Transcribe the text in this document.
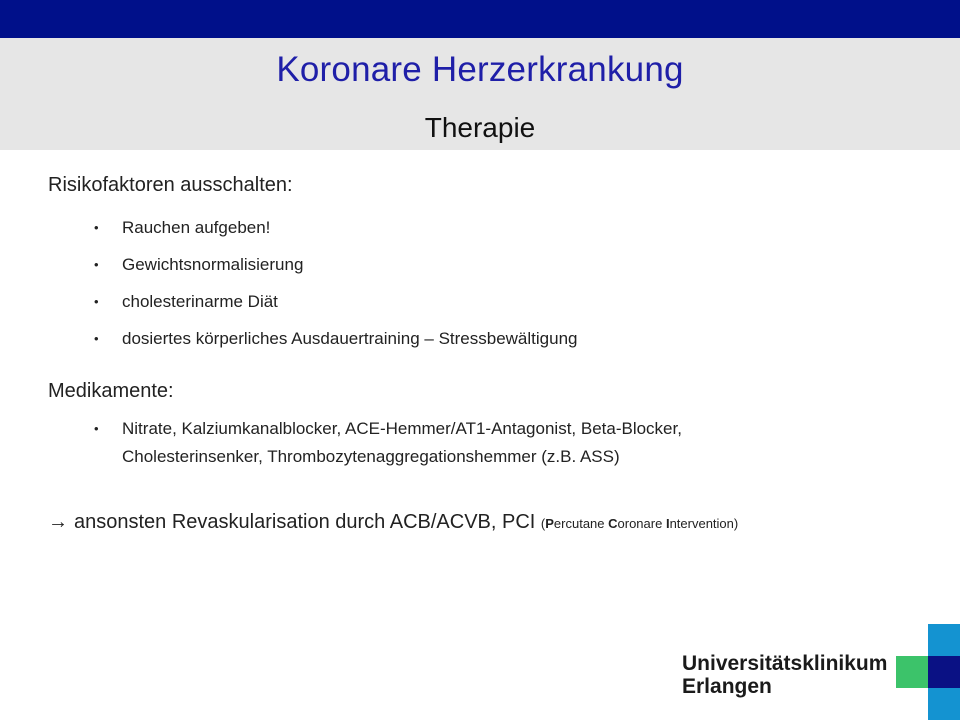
Koronare Herzerkrankung
Therapie
Risikofaktoren ausschalten:
• Rauchen aufgeben!
• Gewichtsnormalisierung
• cholesterinarme Diät
• dosiertes körperliches Ausdauertraining – Stressbewältigung
Medikamente:
• Nitrate, Kalziumkanalblocker, ACE-Hemmer/AT1-Antagonist, Beta-Blocker,
Cholesterinsenker, Thrombozytenaggregationshemmer (z.B. ASS)
→ ansonsten Revaskularisation durch ACB/ACVB, PCI (Percutane Coronare Intervention)
Universitätsklinikum
Erlangen
